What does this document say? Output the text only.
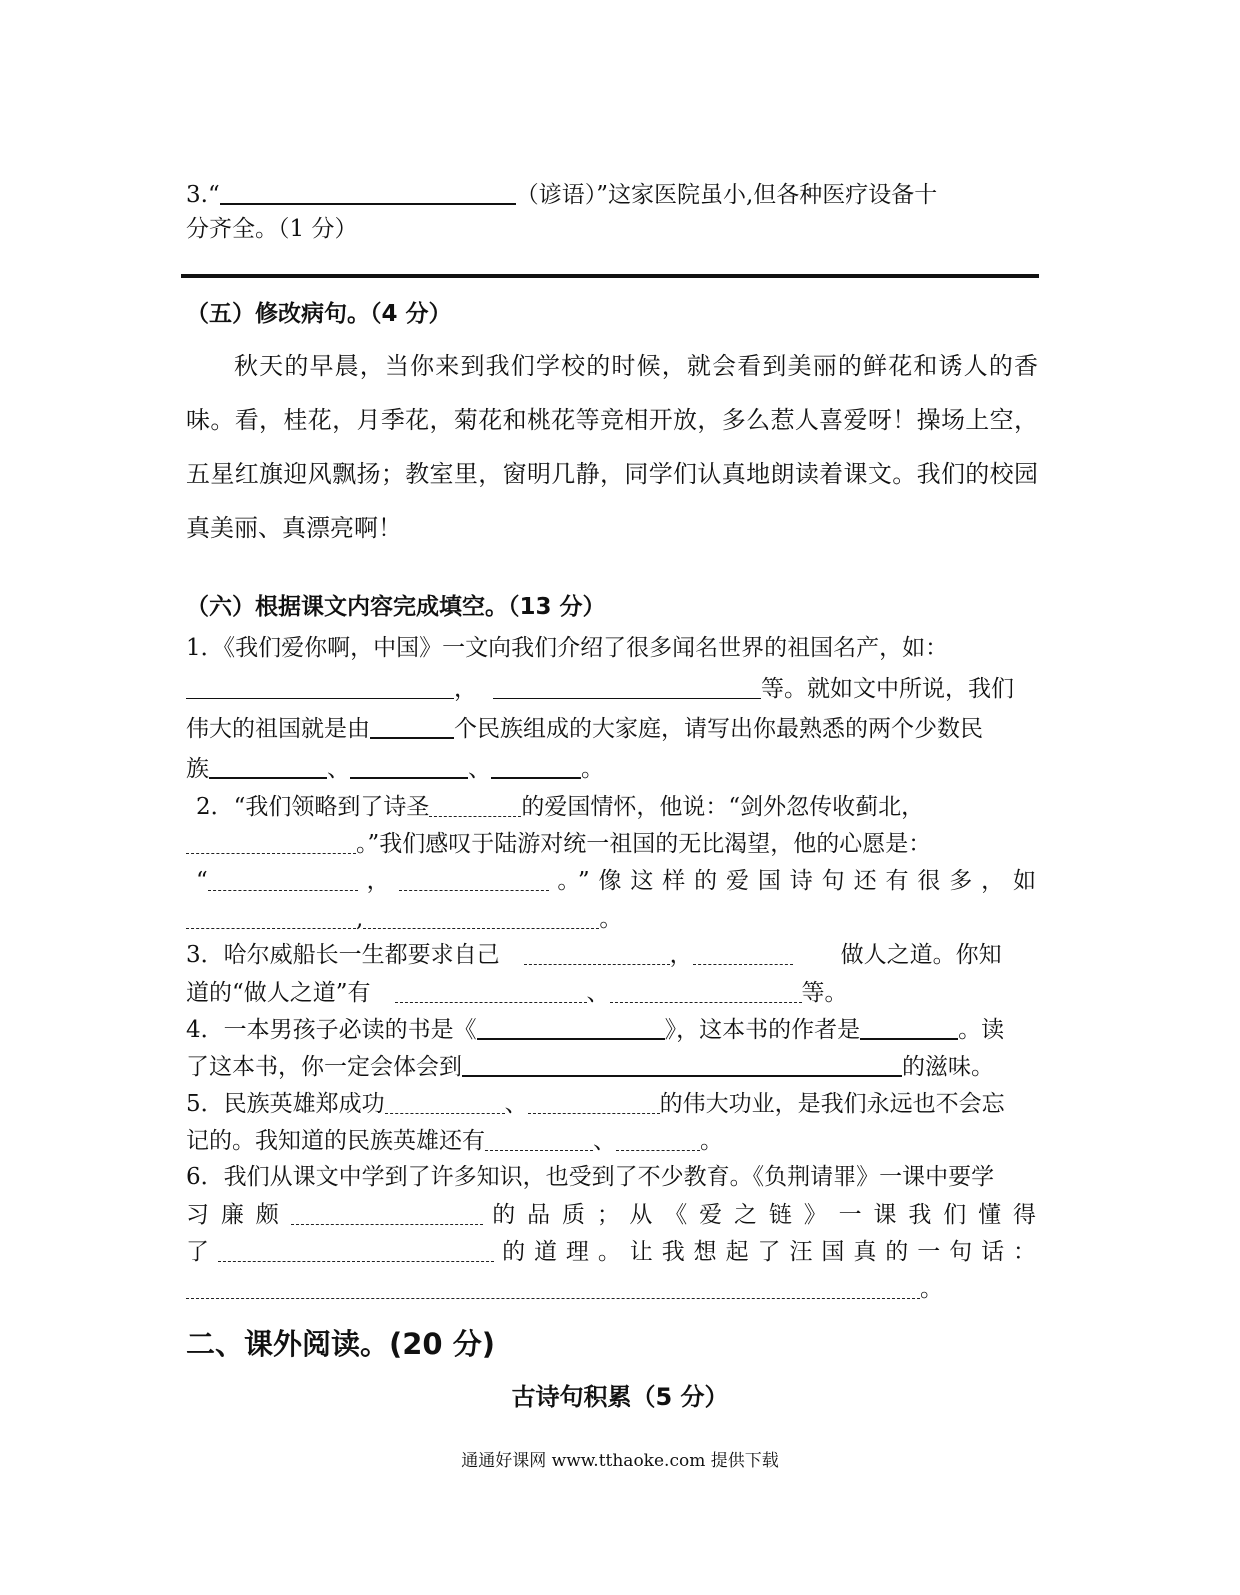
3.“	（谚语）”这家医院虽小,但各种医疗设备十
分齐全。（1 分）
（五）修改病句。（4 分）

秋天的早晨，当你来到我们学校的时候，就会看到美丽的鲜花和诱人的香味。看，桂花，月季花，菊花和桃花等竞相开放，多么惹人喜爱呀！操场上空，五星红旗迎风飘扬；教室里，窗明几静，同学们认真地朗读着课文。我们的校园真美丽、真漂亮啊！

（六）根据课文内容完成填空。（13 分）
1．《我们爱你啊，中国》一文向我们介绍了很多闻名世界的祖国名产，如：
，	等。就如文中所说，我们
伟大的祖国就是由	个民族组成的大家庭，请写出你最熟悉的两个少数民
族	、	、	。
2．“我们领略到了诗圣	的爱国情怀，他说：“剑外忽传收蓟北，
。”我们感叹于陆游对统一祖国的无比渴望，他的心愿是：
“	，	。”像这样的爱国诗句还有很多，如
,	。
3．哈尔威船长一生都要求自己	，	做人之道。你知
道的“做人之道”有	、	等。
4．一本男孩子必读的书是《	》，这本书的作者是	。读
了这本书，你一定会体会到	的滋味。
5．民族英雄郑成功	、	的伟大功业，是我们永远也不会忘
记的。我知道的民族英雄还有	、	。
6．我们从课文中学到了许多知识，也受到了不少教育。《负荆请罪》一课中要学
习 廉 颇	的 品 质 ； 从 《 爱 之 链 》 一 课 我 们 懂 得
了	的 道 理 。 让 我 想 起 了 汪 国 真 的 一 句 话 ：
。
二、课外阅读。(20 分)
古诗句积累（5 分）
通通好课网 www.tthaoke.com 提供下载
